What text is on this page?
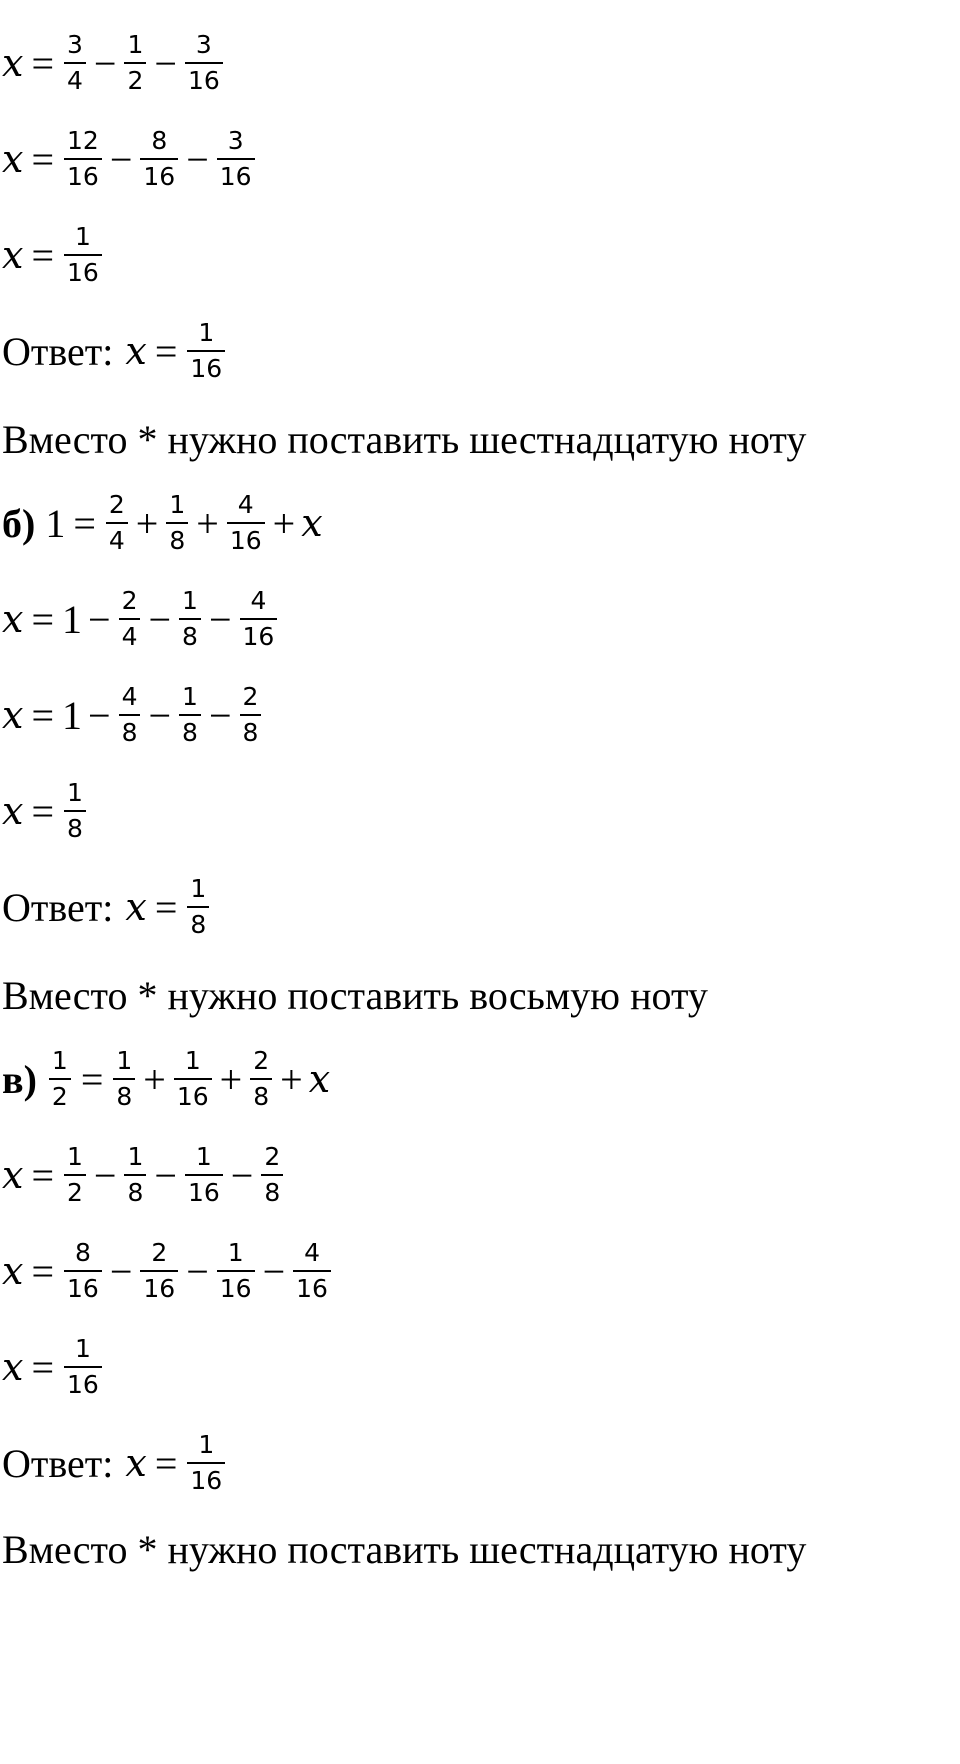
$x = \frac{3}{4} - \frac{1}{2} - \frac{3}{16}$
$x = \frac{12}{16} - \frac{8}{16} - \frac{3}{16}$
$x = \frac{1}{16}$
Ответ: $x = \frac{1}{16}$
Вместо * нужно поставить шестнадцатую ноту
б) $1 = \frac{2}{4} + \frac{1}{8} + \frac{4}{16} + x$
$x = 1 - \frac{2}{4} - \frac{1}{8} - \frac{4}{16}$
$x = 1 - \frac{4}{8} - \frac{1}{8} - \frac{2}{8}$
$x = \frac{1}{8}$
Ответ: $x = \frac{1}{8}$
Вместо * нужно поставить восьмую ноту
$в) \frac{1}{2} = \frac{1}{8} + \frac{1}{16} + \frac{2}{8} + x$
$x = \frac{1}{2} - \frac{1}{8} - \frac{1}{16} - \frac{2}{8}$
$x = \frac{8}{16} - \frac{2}{16} - \frac{1}{16} - \frac{4}{16}$
$x = \frac{1}{16}$
Ответ: $x = \frac{1}{16}$
Вместо * нужно поставить шестнадцатую ноту
